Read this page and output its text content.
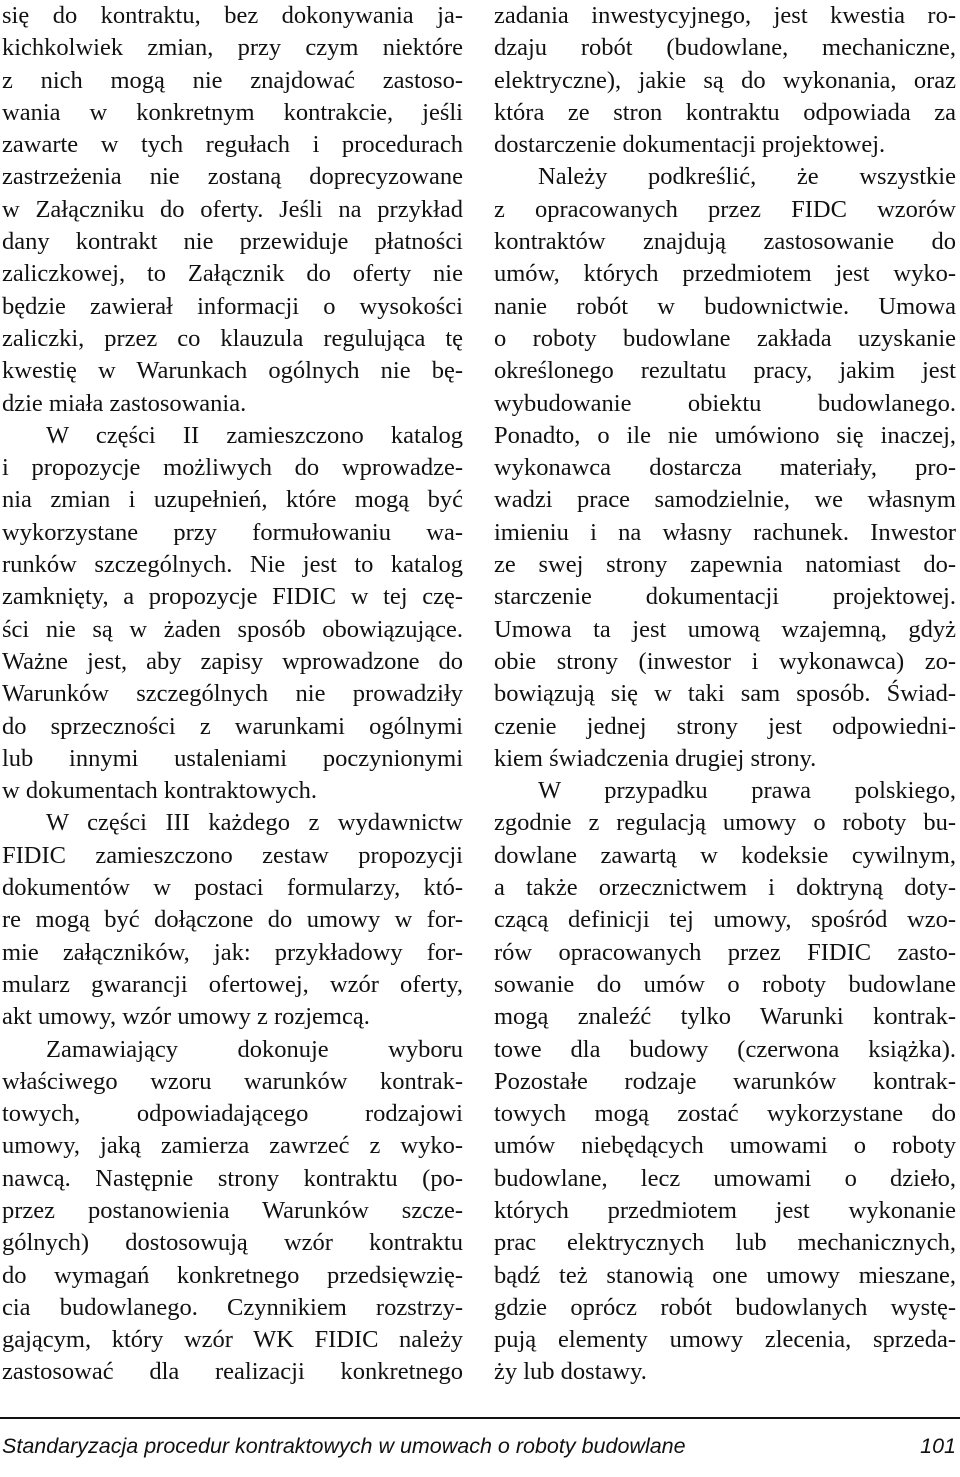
się do kontraktu, bez dokonywania ja-
kichkolwiek zmian, przy czym niektóre
z nich mogą nie znajdować zastoso-
wania w konkretnym kontrakcie, jeśli
zawarte w tych regułach i procedurach
zastrzeżenia nie zostaną doprecyzowane
w Załączniku do oferty. Jeśli na przykład
dany kontrakt nie przewiduje płatności
zaliczkowej, to Załącznik do oferty nie
będzie zawierał informacji o wysokości
zaliczki, przez co klauzula regulująca tę
kwestię w Warunkach ogólnych nie bę-
dzie miała zastosowania.
W części II zamieszczono katalog
i propozycje możliwych do wprowadze-
nia zmian i uzupełnień, które mogą być
wykorzystane przy formułowaniu wa-
runków szczególnych. Nie jest to katalog
zamknięty, a propozycje FIDIC w tej czę-
ści nie są w żaden sposób obowiązujące.
Ważne jest, aby zapisy wprowadzone do
Warunków szczególnych nie prowadziły
do sprzeczności z warunkami ogólnymi
lub innymi ustaleniami poczynionymi
w dokumentach kontraktowych.
W części III każdego z wydawnictw
FIDIC zamieszczono zestaw propozycji
dokumentów w postaci formularzy, któ-
re mogą być dołączone do umowy w for-
mie załączników, jak: przykładowy for-
mularz gwarancji ofertowej, wzór oferty,
akt umowy, wzór umowy z rozjemcą.
Zamawiający dokonuje wyboru
właściwego wzoru warunków kontrak-
towych, odpowiadającego rodzajowi
umowy, jaką zamierza zawrzeć z wyko-
nawcą. Następnie strony kontraktu (po-
przez postanowienia Warunków szcze-
gólnych) dostosowują wzór kontraktu
do wymagań konkretnego przedsięwzię-
cia budowlanego. Czynnikiem rozstrzy-
gającym, który wzór WK FIDIC należy
zastosować dla realizacji konkretnego
zadania inwestycyjnego, jest kwestia ro-
dzaju robót (budowlane, mechaniczne,
elektryczne), jakie są do wykonania, oraz
która ze stron kontraktu odpowiada za
dostarczenie dokumentacji projektowej.
Należy podkreślić, że wszystkie
z opracowanych przez FIDC wzorów
kontraktów znajdują zastosowanie do
umów, których przedmiotem jest wyko-
nanie robót w budownictwie. Umowa
o roboty budowlane zakłada uzyskanie
określonego rezultatu pracy, jakim jest
wybudowanie obiektu budowlanego.
Ponadto, o ile nie umówiono się inaczej,
wykonawca dostarcza materiały, pro-
wadzi prace samodzielnie, we własnym
imieniu i na własny rachunek. Inwestor
ze swej strony zapewnia natomiast do-
starczenie dokumentacji projektowej.
Umowa ta jest umową wzajemną, gdyż
obie strony (inwestor i wykonawca) zo-
bowiązują się w taki sam sposób. Świad-
czenie jednej strony jest odpowiedni-
kiem świadczenia drugiej strony.
W przypadku prawa polskiego,
zgodnie z regulacją umowy o roboty bu-
dowlane zawartą w kodeksie cywilnym,
a także orzecznictwem i doktryną doty-
czącą definicji tej umowy, spośród wzo-
rów opracowanych przez FIDIC zasto-
sowanie do umów o roboty budowlane
mogą znaleźć tylko Warunki kontrak-
towe dla budowy (czerwona książka).
Pozostałe rodzaje warunków kontrak-
towych mogą zostać wykorzystane do
umów niebędących umowami o roboty
budowlane, lecz umowami o dzieło,
których przedmiotem jest wykonanie
prac elektrycznych lub mechanicznych,
bądź też stanowią one umowy mieszane,
gdzie oprócz robót budowlanych wystę-
pują elementy umowy zlecenia, sprzeda-
ży lub dostawy.
Standaryzacja procedur kontraktowych w umowach o roboty budowlane	101
